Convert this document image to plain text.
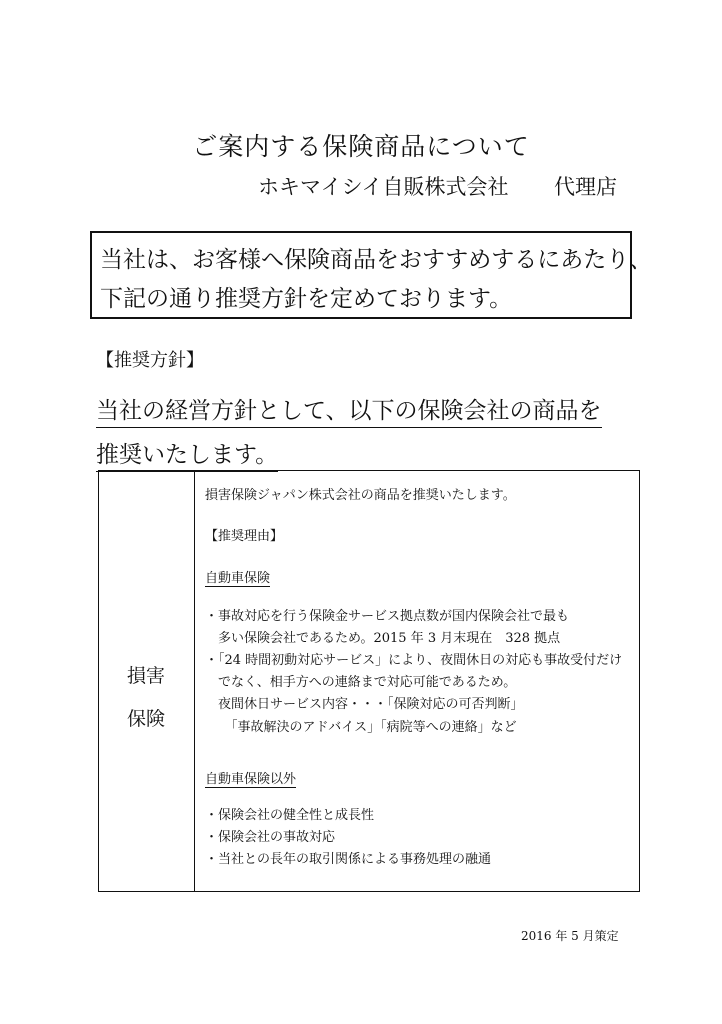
ご案内する保険商品について
ホキマイシイ自販株式会社 代理店
当社は、お客様へ保険商品をおすすめするにあたり、
下記の通り推奨方針を定めております。
【推奨方針】
当社の経営方針として、以下の保険会社の商品を
推奨いたします。
損害
保険
損害保険ジャパン株式会社の商品を推奨いたします。
【推奨理由】
自動車保険
・事故対応を行う保険金サービス拠点数が国内保険会社で最も
　多い保険会社であるため。2015 年 3 月末現在　328 拠点
・「24 時間初動対応サービス」により、夜間休日の対応も事故受付だけ
　でなく、相手方への連絡まで対応可能であるため。
　夜間休日サービス内容・・・「保険対応の可否判断」
　　「事故解決のアドバイス」「病院等への連絡」など
自動車保険以外
・保険会社の健全性と成長性
・保険会社の事故対応
・当社との長年の取引関係による事務処理の融通
2016 年 5 月策定
